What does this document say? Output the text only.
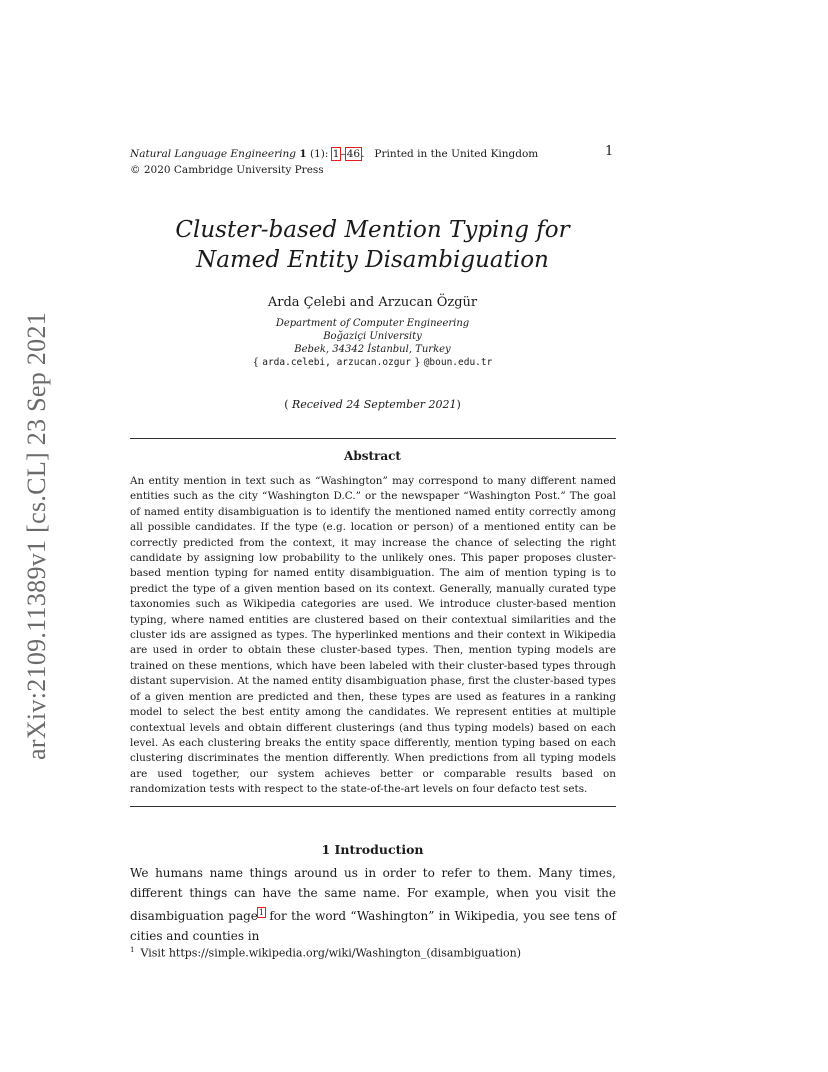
arXiv:2109.11389v1 [cs.CL] 23 Sep 2021
Natural Language Engineering 1 (1): 1–46.   Printed in the United Kingdom
© 2020 Cambridge University Press
1
Cluster-based Mention Typing for Named Entity Disambiguation
Arda Çelebi and Arzucan Özgür
Department of Computer Engineering
Boğaziçi University
Bebek, 34342 İstanbul, Turkey
{ arda.celebi, arzucan.ozgur } @boun.edu.tr
( Received 24 September 2021)
Abstract

An entity mention in text such as “Washington” may correspond to many different named entities such as the city “Washington D.C.” or the newspaper “Washington Post.” The goal of named entity disambiguation is to identify the mentioned named entity correctly among all possible candidates. If the type (e.g. location or person) of a mentioned entity can be correctly predicted from the context, it may increase the chance of selecting the right candidate by assigning low probability to the unlikely ones. This paper proposes cluster-based mention typing for named entity disambiguation. The aim of mention typing is to predict the type of a given mention based on its context. Generally, manually curated type taxonomies such as Wikipedia categories are used. We introduce cluster-based mention typing, where named entities are clustered based on their contextual similarities and the cluster ids are assigned as types. The hyperlinked mentions and their context in Wikipedia are used in order to obtain these cluster-based types. Then, mention typing models are trained on these mentions, which have been labeled with their cluster-based types through distant supervision. At the named entity disambiguation phase, first the cluster-based types of a given mention are predicted and then, these types are used as features in a ranking model to select the best entity among the candidates. We represent entities at multiple contextual levels and obtain different clusterings (and thus typing models) based on each level. As each clustering breaks the entity space differently, mention typing based on each clustering discriminates the mention differently. When predictions from all typing models are used together, our system achieves better or comparable results based on randomization tests with respect to the state-of-the-art levels on four defacto test sets.

1 Introduction

We humans name things around us in order to refer to them. Many times, different things can have the same name. For example, when you visit the disambiguation page$^1$ for the word “Washington” in Wikipedia, you see tens of cities and counties in

$^1$ Visit https://simple.wikipedia.org/wiki/Washington_(disambiguation)
